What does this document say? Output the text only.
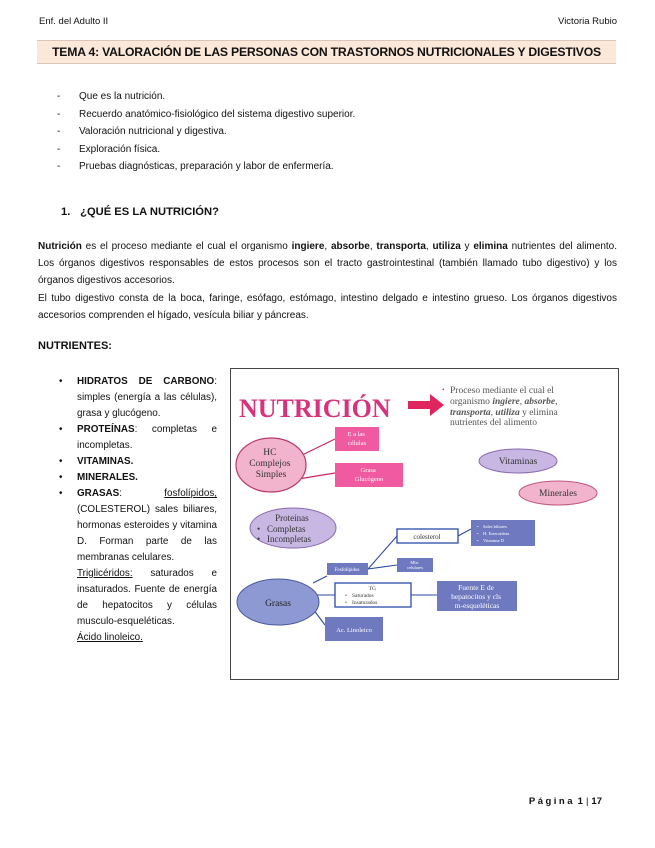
Enf. del Adulto II	Victoria Rubio
TEMA 4: VALORACIÓN DE LAS PERSONAS CON TRASTORNOS NUTRICIONALES Y DIGESTIVOS
- Que es la nutrición.
- Recuerdo anatómico-fisiológico del sistema digestivo superior.
- Valoración nutricional y digestiva.
- Exploración física.
- Pruebas diagnósticas, preparación y labor de enfermería.
1. ¿QUÉ ES LA NUTRICIÓN?
Nutrición es el proceso mediante el cual el organismo ingiere, absorbe, transporta, utiliza y elimina nutrientes del alimento. Los órganos digestivos responsables de estos procesos son el tracto gastrointestinal (también llamado tubo digestivo) y los órganos digestivos accesorios.
El tubo digestivo consta de la boca, faringe, esófago, estómago, intestino delgado e intestino grueso. Los órganos digestivos accesorios comprenden el hígado, vesícula biliar y páncreas.
NUTRIENTES:
• HIDRATOS DE CARBONO: simples (energía a las células), grasa y glucógeno.
• PROTEÍNAS: completas e incompletas.
• VITAMINAS.
• MINERALES.
• GRASAS: fosfolípidos, (COLESTEROL) sales biliares, hormonas esteroides y vitamina D. Forman parte de las membranas celulares.
Triglicéridos: saturados e insaturados. Fuente de energía de hepatocitos y células musculo-esqueléticas.
Ácido linoleico.
NUTRICIÓN
• Proceso mediante el cual el organismo ingiere, absorbe, transporta, utiliza y elimina nutrientes del alimento
HC Complejos Simples
E a las células
Grasa Glucógeno
Vitaminas
Minerales
Proteínas • Completas • Incompletas
Grasas
Fosfolípidos
colesterol
• Sales biliares • H. Esteroideas • Vitamina D
Mbs celulares
TG • Saturados • Insaturados
Fuente E de hepatocitos y cls m-esqueléticas
Ac. Linoleico
Página 1 | 17
